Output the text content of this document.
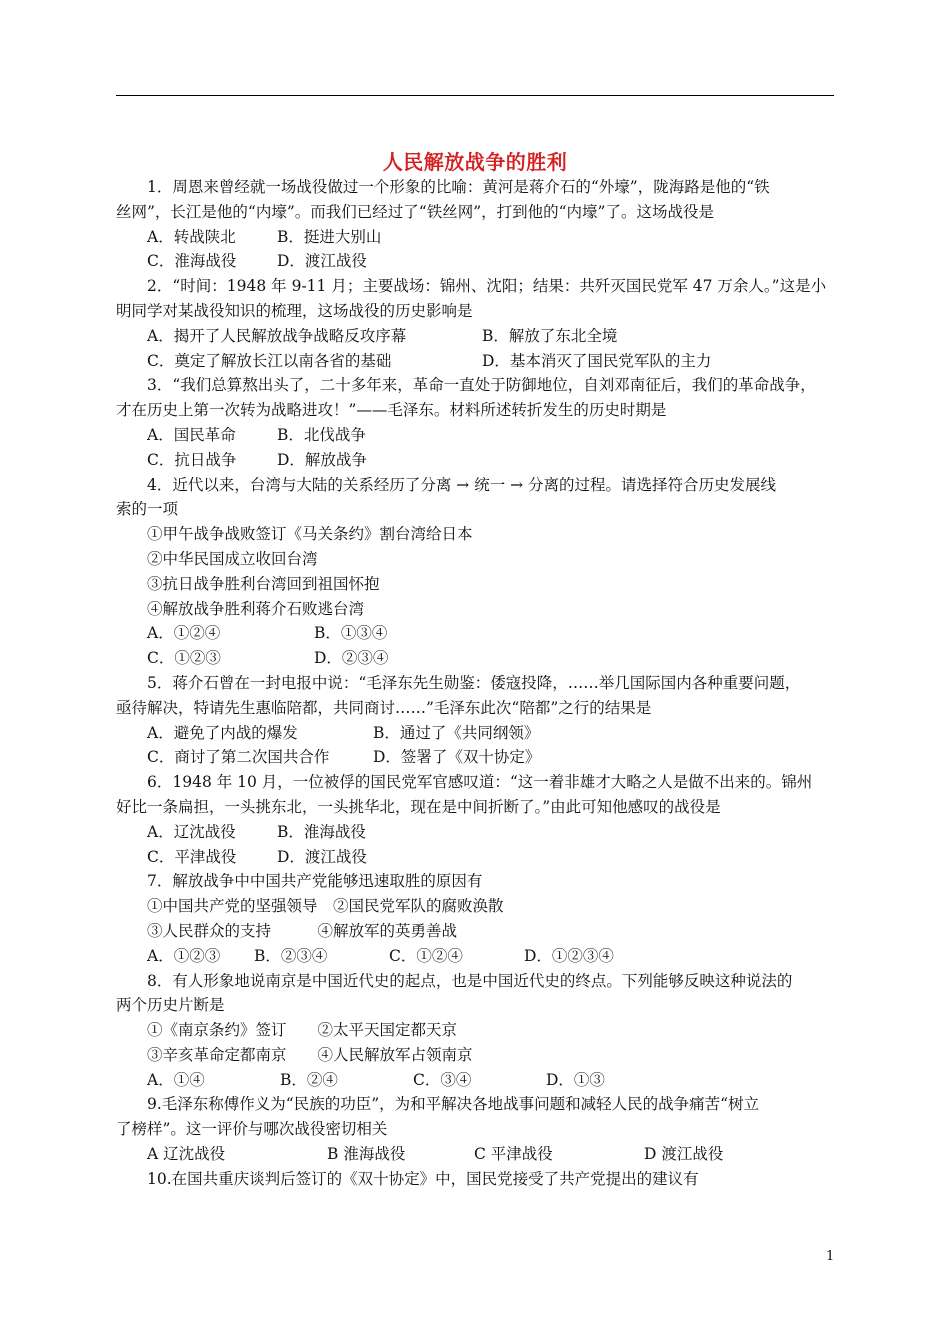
人民解放战争的胜利
1．周恩来曾经就一场战役做过一个形象的比喻：黄河是蒋介石的“外壕”，陇海路是他的“铁
丝网”，长江是他的“内壕”。而我们已经过了“铁丝网”，打到他的“内壕”了。这场战役是
A．转战陕北	B．挺进大别山
C．淮海战役	D．渡江战役
2．“时间：1948 年 9-11 月；主要战场：锦州、沈阳；结果：共歼灭国民党军 47 万余人。”这是小
明同学对某战役知识的梳理，这场战役的历史影响是
A．揭开了人民解放战争战略反攻序幕	B．解放了东北全境
C．奠定了解放长江以南各省的基础	D．基本消灭了国民党军队的主力
3．“我们总算熬出头了，二十多年来，革命一直处于防御地位，自刘邓南征后，我们的革命战争，
才在历史上第一次转为战略进攻！”——毛泽东。材料所述转折发生的历史时期是
A．国民革命	B．北伐战争
C．抗日战争	D．解放战争
4．近代以来，台湾与大陆的关系经历了分离 → 统一 → 分离的过程。请选择符合历史发展线
索的一项
①甲午战争战败签订《马关条约》割台湾给日本
②中华民国成立收回台湾
③抗日战争胜利台湾回到祖国怀抱
④解放战争胜利蒋介石败逃台湾
A．①②④	B．①③④
C．①②③	D．②③④
5．蒋介石曾在一封电报中说：“毛泽东先生勋鉴：倭寇投降，……举几国际国内各种重要问题，
亟待解决，特请先生惠临陪都，共同商讨……”毛泽东此次“陪都”之行的结果是
A．避免了内战的爆发	B．通过了《共同纲领》
C．商讨了第二次国共合作	D．签署了《双十协定》
6．1948 年 10 月，一位被俘的国民党军官感叹道：“这一着非雄才大略之人是做不出来的。锦州
好比一条扁担，一头挑东北，一头挑华北，现在是中间折断了。”由此可知他感叹的战役是
A．辽沈战役	B．淮海战役
C．平津战役	D．渡江战役
7．解放战争中中国共产党能够迅速取胜的原因有
①中国共产党的坚强领导　②国民党军队的腐败涣散
③人民群众的支持　　　④解放军的英勇善战
A．①②③ B．②③④	C．①②④	D．①②③④
8．有人形象地说南京是中国近代史的起点，也是中国近代史的终点。下列能够反映这种说法的
两个历史片断是
①《南京条约》签订　　②太平天国定都天京
③辛亥革命定都南京　　④人民解放军占领南京
A．①④	B．②④	C．③④	D．①③
9.毛泽东称傅作义为“民族的功臣”，为和平解决各地战事问题和减轻人民的战争痛苦“树立
了榜样”。这一评价与哪次战役密切相关
A 辽沈战役	B 淮海战役	C 平津战役	D 渡江战役
10.在国共重庆谈判后签订的《双十协定》中，国民党接受了共产党提出的建议有
1
